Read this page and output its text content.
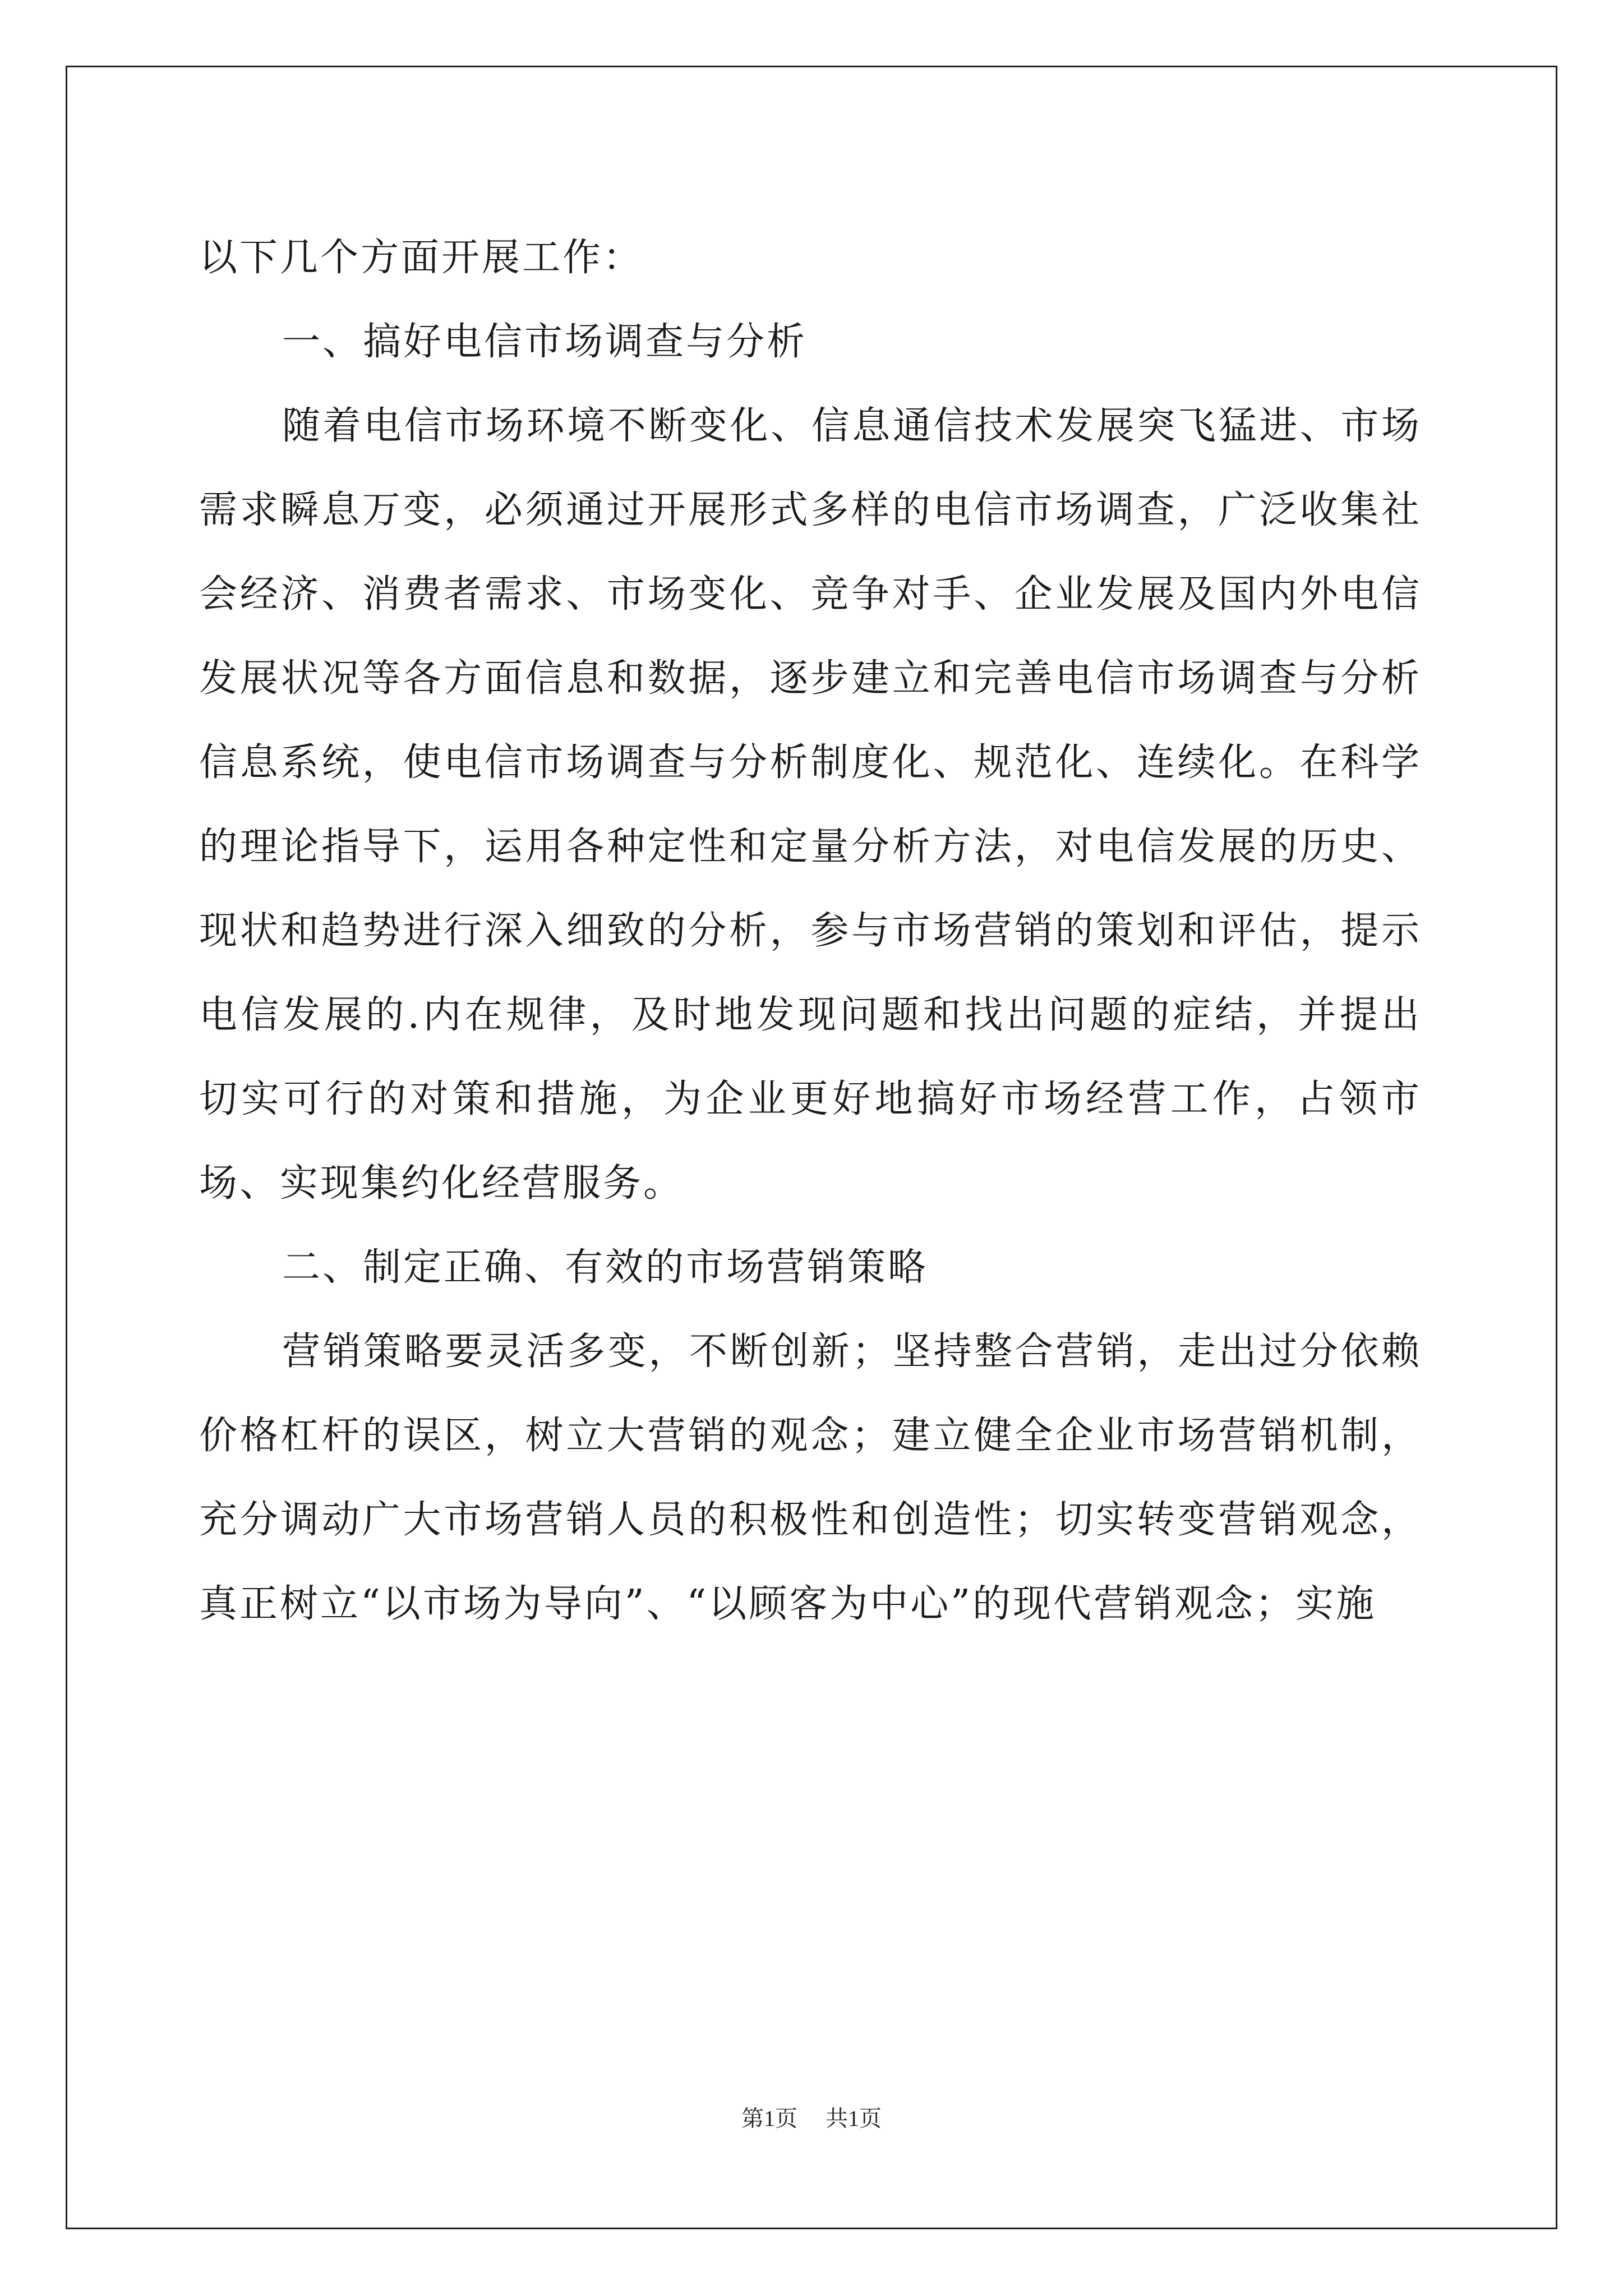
以下几个方面开展工作：

一、搞好电信市场调查与分析

随着电信市场环境不断变化、信息通信技术发展突飞猛进、市场需求瞬息万变，必须通过开展形式多样的电信市场调查，广泛收集社会经济、消费者需求、市场变化、竞争对手、企业发展及国内外电信发展状况等各方面信息和数据，逐步建立和完善电信市场调查与分析信息系统，使电信市场调查与分析制度化、规范化、连续化。在科学的理论指导下，运用各种定性和定量分析方法，对电信发展的历史、现状和趋势进行深入细致的分析，参与市场营销的策划和评估，提示电信发展的.内在规律，及时地发现问题和找出问题的症结，并提出切实可行的对策和措施，为企业更好地搞好市场经营工作，占领市场、实现集约化经营服务。

二、制定正确、有效的市场营销策略

营销策略要灵活多变，不断创新；坚持整合营销，走出过分依赖价格杠杆的误区，树立大营销的观念；建立健全企业市场营销机制，充分调动广大市场营销人员的积极性和创造性；切实转变营销观念，真正树立“以市场为导向”、“以顾客为中心”的现代营销观念；实施

第1页 共1页
